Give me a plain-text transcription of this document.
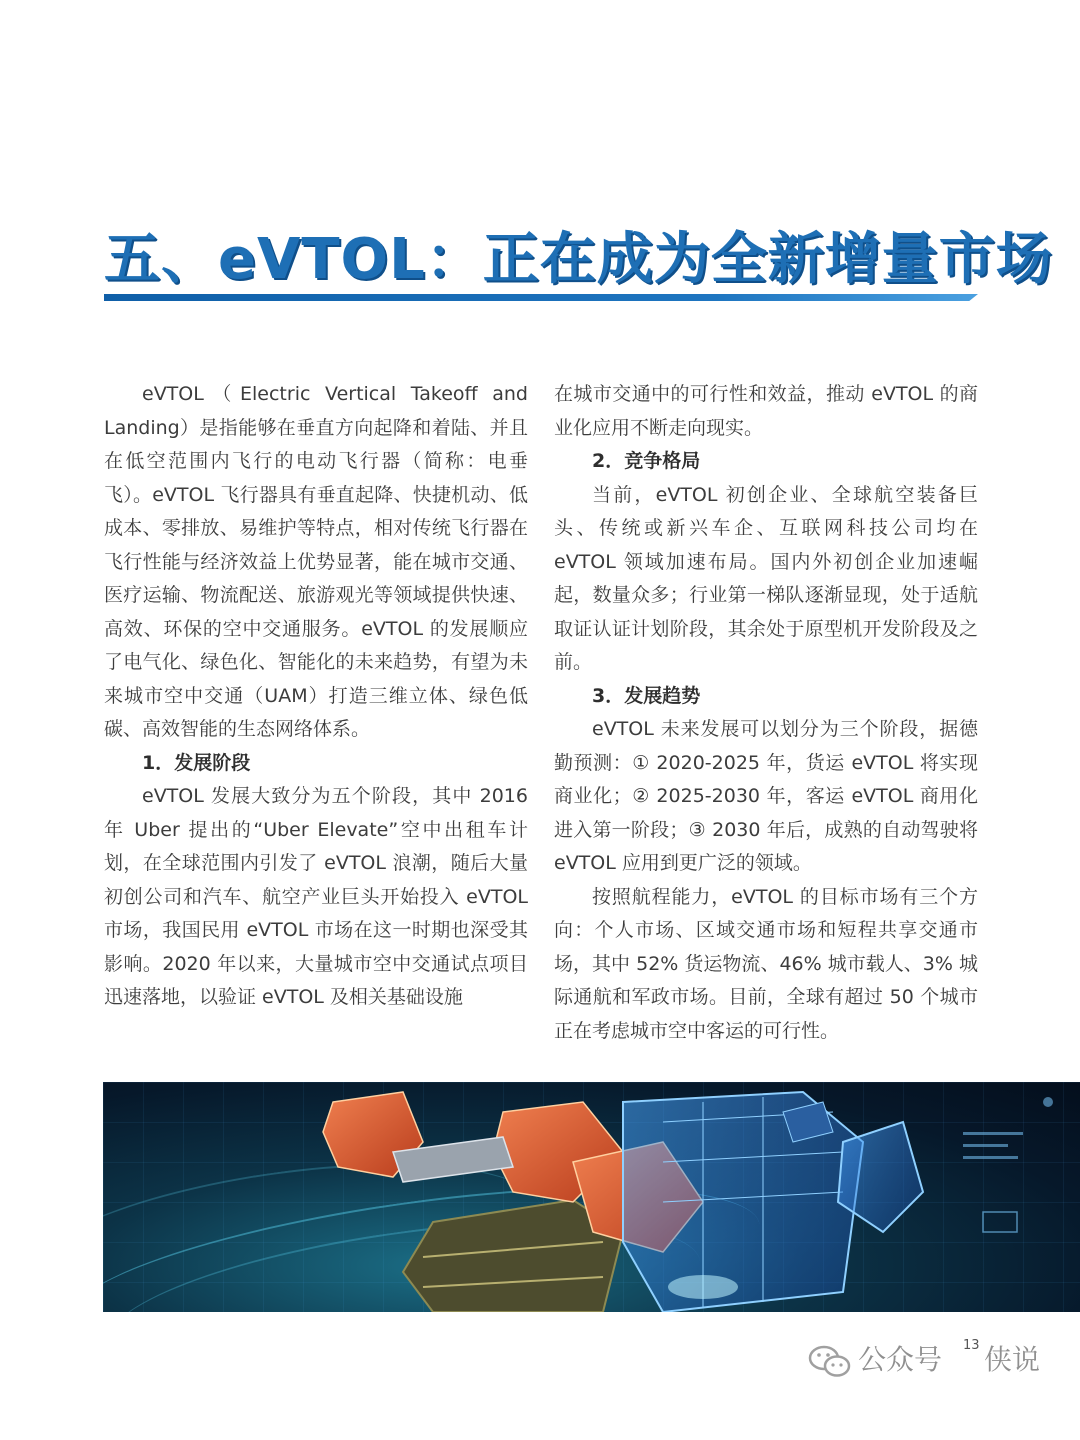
五、eVTOL：正在成为全新增量市场

eVTOL（Electric Vertical Takeoff and Landing）是指能够在垂直方向起降和着陆、并且在低空范围内飞行的电动飞行器（简称：电垂飞）。eVTOL 飞行器具有垂直起降、快捷机动、低成本、零排放、易维护等特点，相对传统飞行器在飞行性能与经济效益上优势显著，能在城市交通、医疗运输、物流配送、旅游观光等领域提供快速、高效、环保的空中交通服务。eVTOL 的发展顺应了电气化、绿色化、智能化的未来趋势，有望为未来城市空中交通（UAM）打造三维立体、绿色低碳、高效智能的生态网络体系。

1．发展阶段

eVTOL 发展大致分为五个阶段，其中 2016 年 Uber 提出的“Uber Elevate”空中出租车计划，在全球范围内引发了 eVTOL 浪潮，随后大量初创公司和汽车、航空产业巨头开始投入 eVTOL 市场，我国民用 eVTOL 市场在这一时期也深受其影响。2020 年以来，大量城市空中交通试点项目迅速落地，以验证 eVTOL 及相关基础设施

在城市交通中的可行性和效益，推动 eVTOL 的商业化应用不断走向现实。

2．竞争格局

当前，eVTOL 初创企业、全球航空装备巨头、传统或新兴车企、互联网科技公司均在 eVTOL 领域加速布局。国内外初创企业加速崛起，数量众多；行业第一梯队逐渐显现，处于适航取证认证计划阶段，其余处于原型机开发阶段及之前。

3．发展趋势

eVTOL 未来发展可以划分为三个阶段，据德勤预测：① 2020-2025 年，货运 eVTOL 将实现商业化；② 2025-2030 年，客运 eVTOL 商用化进入第一阶段；③ 2030 年后，成熟的自动驾驶将 eVTOL 应用到更广泛的领域。

按照航程能力，eVTOL 的目标市场有三个方向：个人市场、区域交通市场和短程共享交通市场，其中 52% 货运物流、46% 城市载人、3% 城际通航和军政市场。目前，全球有超过 50 个城市正在考虑城市空中客运的可行性。

公众号 13 侠说
